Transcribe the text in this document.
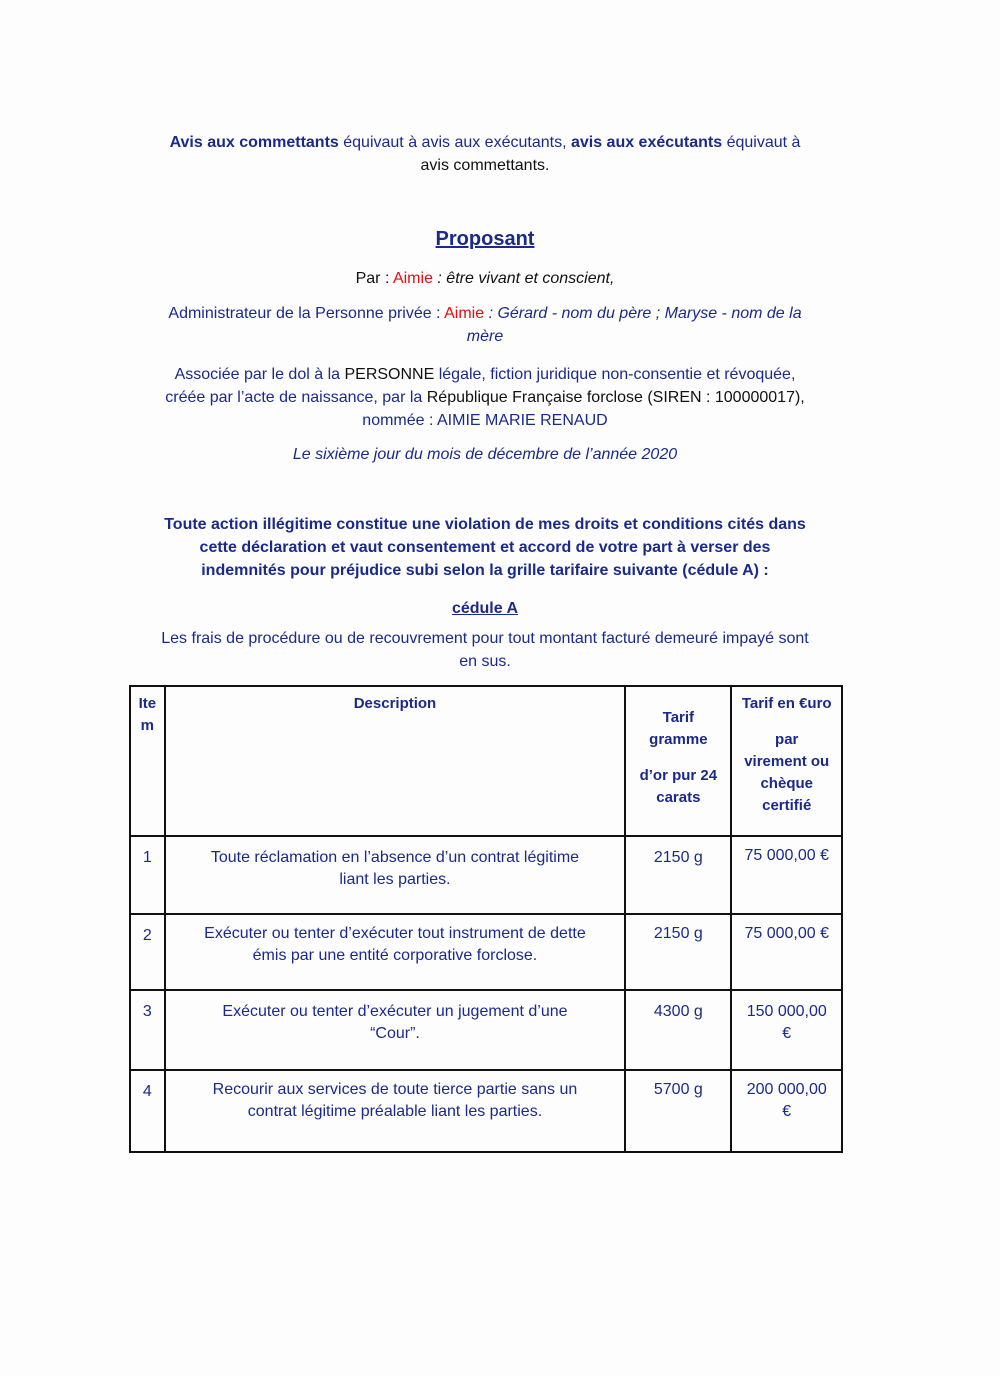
Avis aux commettants équivaut à avis aux exécutants, avis aux exécutants équivaut à
avis commettants.
Proposant
Par : Aimie : être vivant et conscient,
Administrateur de la Personne privée : Aimie : Gérard - nom du père ; Maryse - nom de la
mère
Associée par le dol à la PERSONNE légale, fiction juridique non-consentie et révoquée,
créée par l’acte de naissance, par la République Française forclose (SIREN : 100000017),
nommée : AIMIE MARIE RENAUD
Le sixième jour du mois de décembre de l’année 2020
Toute action illégitime constitue une violation de mes droits et conditions cités dans
cette déclaration et vaut consentement et accord de votre part à verser des
indemnités pour préjudice subi selon la grille tarifaire suivante (cédule A) :
cédule A
Les frais de procédure ou de recouvrement pour tout montant facturé demeuré impayé sont
en sus.
Ite
m	Description	Tarif
gramme
d’or pur 24
carats	Tarif en €uro
par
virement ou
chèque
certifié

1	Toute réclamation en l’absence d’un contrat légitime
liant les parties.	2150 g	75 000,00 €

2	Exécuter ou tenter d’exécuter tout instrument de dette
émis par une entité corporative forclose.	2150 g	75 000,00 €

3	Exécuter ou tenter d’exécuter un jugement d’une
“Cour”.	4300 g	150 000,00
€

4	Recourir aux services de toute tierce partie sans un
contrat légitime préalable liant les parties.	5700 g	200 000,00
€
